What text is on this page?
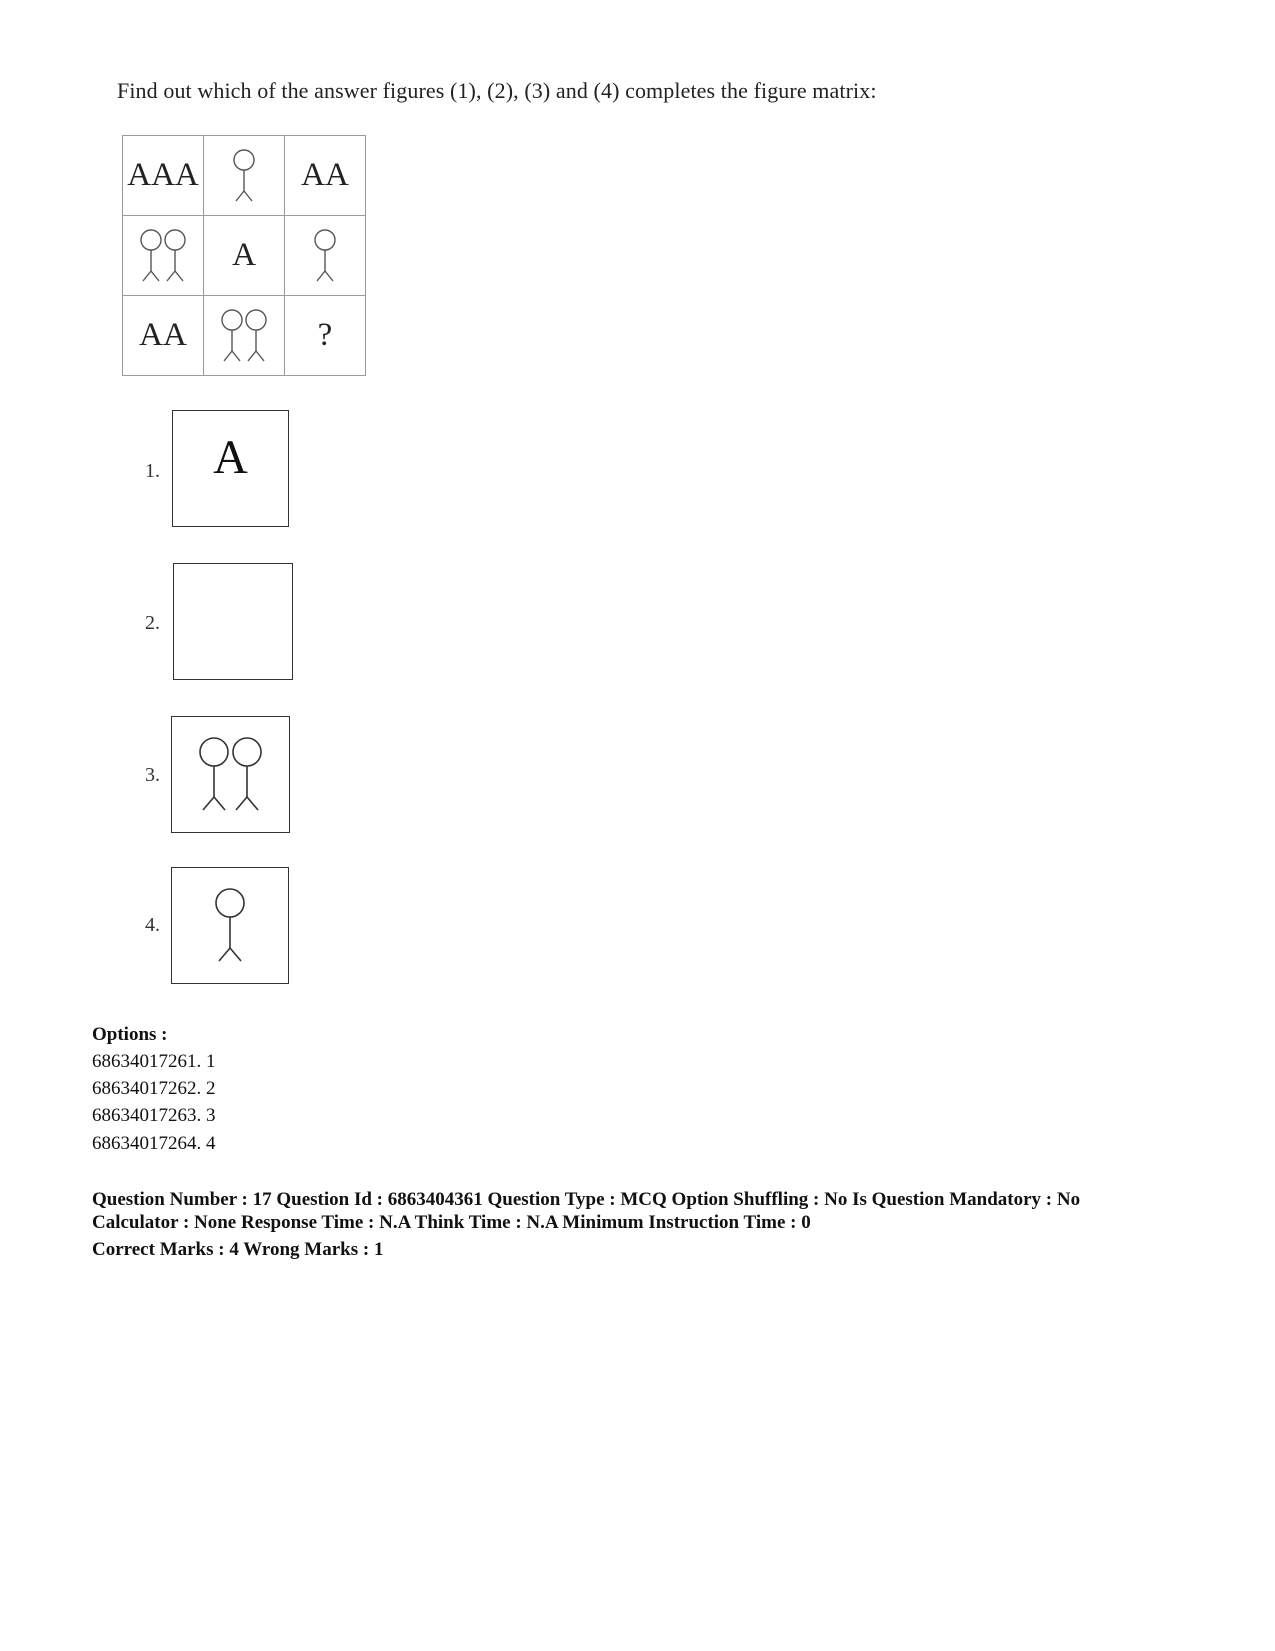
Find out which of the answer figures (1), (2), (3) and (4) completes the figure matrix:
AAA		AA

	A	

AA		?
1. A
2.
3.
4.
Options :
68634017261. 1
68634017262. 2
68634017263. 3
68634017264. 4
Question Number : 17 Question Id : 6863404361 Question Type : MCQ Option Shuffling : No Is Question Mandatory : No
Calculator : None Response Time : N.A Think Time : N.A Minimum Instruction Time : 0
Correct Marks : 4 Wrong Marks : 1
